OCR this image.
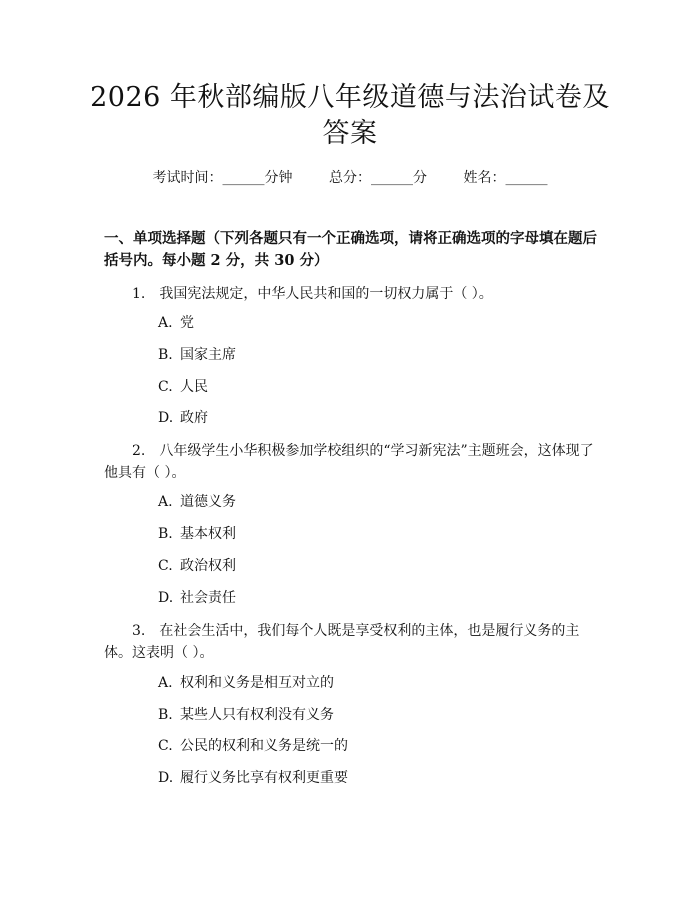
2026 年秋部编版八年级道德与法治试卷及答案
考试时间：______分钟	总分：______分	姓名：______

一、单项选择题（下列各题只有一个正确选项，请将正确选项的字母填在题后括号内。每小题 2 分，共 30 分）

1. 我国宪法规定，中华人民共和国的一切权力属于（ ）。

A. 党

B. 国家主席

C. 人民

D. 政府

2. 八年级学生小华积极参加学校组织的“学习新宪法”主题班会，这体现了他具有（ ）。

A. 道德义务

B. 基本权利

C. 政治权利

D. 社会责任

3. 在社会生活中，我们每个人既是享受权利的主体，也是履行义务的主体。这表明（ ）。

A. 权利和义务是相互对立的

B. 某些人只有权利没有义务

C. 公民的权利和义务是统一的

D. 履行义务比享有权利更重要
